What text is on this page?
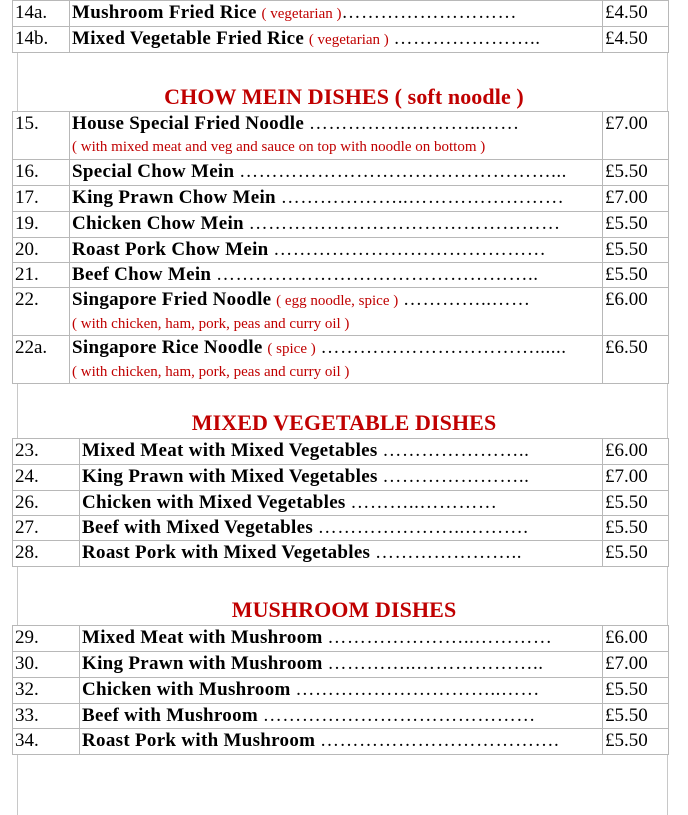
14a.	Mushroom Fried Rice ( vegetarian )………………………	£4.50
14b.	Mixed Vegetable Fried Rice ( vegetarian ) …………………..	£4.50
CHOW MEIN DISHES ( soft noodle )
15.	House Special Fried Noodle …………….………..……
( with mixed meat and veg and sauce on top with noodle on bottom )	£7.00
16.	Special Chow Mein …………………………………………...	£5.50
17.	King Prawn Chow Mein ………………..……………………	£7.00
19.	Chicken Chow Mein …………………………………………	£5.50
20.	Roast Pork Chow Mein ……………………………………	£5.50
21.	Beef Chow Mein …………………………………………..	£5.50
22.	Singapore Fried Noodle ( egg noodle, spice ) …………..……
( with chicken, ham, pork, peas and curry oil )	£6.00
22a.	Singapore Rice Noodle ( spice ) ……………………………......
( with chicken, ham, pork, peas and curry oil )	£6.50
MIXED VEGETABLE DISHES
23.	Mixed Meat with Mixed Vegetables …………………..	£6.00
24.	King Prawn with Mixed Vegetables …………………..	£7.00
26.	Chicken with Mixed Vegetables ………..…………	£5.50
27.	Beef with Mixed Vegetables …………………..……….	£5.50
28.	Roast Pork with Mixed Vegetables …………………..	£5.50
MUSHROOM DISHES
29.	Mixed Meat with Mushroom …………………..…………	£6.00
30.	King Prawn with Mushroom …………..………………..	£7.00
32.	Chicken with Mushroom …………………………..……	£5.50
33.	Beef with Mushroom ……………………………………	£5.50
34.	Roast Pork with Mushroom ……………………………….	£5.50
